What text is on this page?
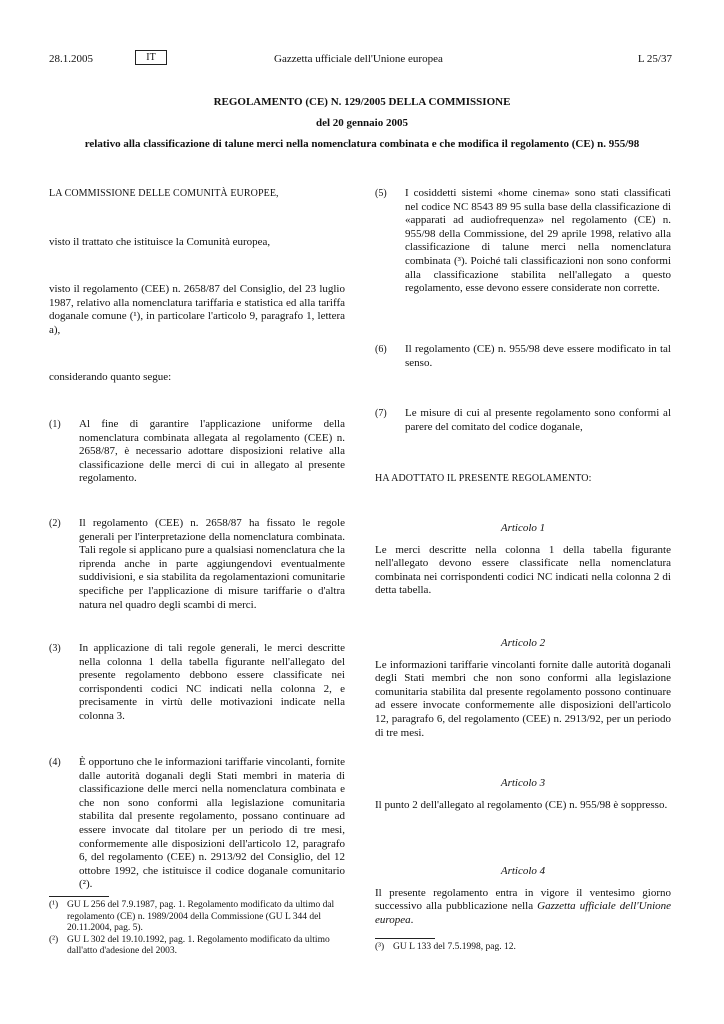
28.1.2005	IT	Gazzetta ufficiale dell'Unione europea	L 25/37
REGOLAMENTO (CE) N. 129/2005 DELLA COMMISSIONE
del 20 gennaio 2005
relativo alla classificazione di talune merci nella nomenclatura combinata e che modifica il regolamento (CE) n. 955/98

LA COMMISSIONE DELLE COMUNITÀ EUROPEE,

visto il trattato che istituisce la Comunità europea,

visto il regolamento (CEE) n. 2658/87 del Consiglio, del 23 luglio 1987, relativo alla nomenclatura tariffaria e statistica ed alla tariffa doganale comune (¹), in particolare l'articolo 9, paragrafo 1, lettera a),

considerando quanto segue:

(1)	Al fine di garantire l'applicazione uniforme della nomenclatura combinata allegata al regolamento (CEE) n. 2658/87, è necessario adottare disposizioni relative alla classificazione delle merci di cui in allegato al presente regolamento.
(2)	Il regolamento (CEE) n. 2658/87 ha fissato le regole generali per l'interpretazione della nomenclatura combinata. Tali regole si applicano pure a qualsiasi nomenclatura che la riprenda anche in parte aggiungendovi eventualmente suddivisioni, e sia stabilita da regolamentazioni comunitarie specifiche per l'applicazione di misure tariffarie o d'altra natura nel quadro degli scambi di merci.
(3)	In applicazione di tali regole generali, le merci descritte nella colonna 1 della tabella figurante nell'allegato del presente regolamento debbono essere classificate nei corrispondenti codici NC indicati nella colonna 2, e precisamente in virtù delle motivazioni indicate nella colonna 3.
(4)	È opportuno che le informazioni tariffarie vincolanti, fornite dalle autorità doganali degli Stati membri in materia di classificazione delle merci nella nomenclatura combinata e che non sono conformi alla legislazione comunitaria stabilita dal presente regolamento, possano continuare ad essere invocate dal titolare per un periodo di tre mesi, conformemente alle disposizioni dell'articolo 12, paragrafo 6, del regolamento (CEE) n. 2913/92 del Consiglio, del 12 ottobre 1992, che istituisce il codice doganale comunitario (²).
(¹) GU L 256 del 7.9.1987, pag. 1. Regolamento modificato da ultimo dal regolamento (CE) n. 1989/2004 della Commissione (GU L 344 del 20.11.2004, pag. 5).
(²) GU L 302 del 19.10.1992, pag. 1. Regolamento modificato da ultimo dall'atto d'adesione del 2003.
(5)	I cosiddetti sistemi «home cinema» sono stati classificati nel codice NC 8543 89 95 sulla base della classificazione di «apparati ad audiofrequenza» nel regolamento (CE) n. 955/98 della Commissione, del 29 aprile 1998, relativo alla classificazione di talune merci nella nomenclatura combinata (³). Poiché tali classificazioni non sono conformi alla classificazione stabilita nell'allegato a questo regolamento, esse devono essere considerate non corrette.
(6)	Il regolamento (CE) n. 955/98 deve essere modificato in tal senso.
(7)	Le misure di cui al presente regolamento sono conformi al parere del comitato del codice doganale,

HA ADOTTATO IL PRESENTE REGOLAMENTO:

Articolo 1

Le merci descritte nella colonna 1 della tabella figurante nell'allegato devono essere classificate nella nomenclatura combinata nei corrispondenti codici NC indicati nella colonna 2 di detta tabella.

Articolo 2

Le informazioni tariffarie vincolanti fornite dalle autorità doganali degli Stati membri che non sono conformi alla legislazione comunitaria stabilita dal presente regolamento possono continuare ad essere invocate conformemente alle disposizioni dell'articolo 12, paragrafo 6, del regolamento (CEE) n. 2913/92, per un periodo di tre mesi.

Articolo 3

Il punto 2 dell'allegato al regolamento (CE) n. 955/98 è soppresso.

Articolo 4

Il presente regolamento entra in vigore il ventesimo giorno successivo alla pubblicazione nella Gazzetta ufficiale dell'Unione europea.

(³) GU L 133 del 7.5.1998, pag. 12.
